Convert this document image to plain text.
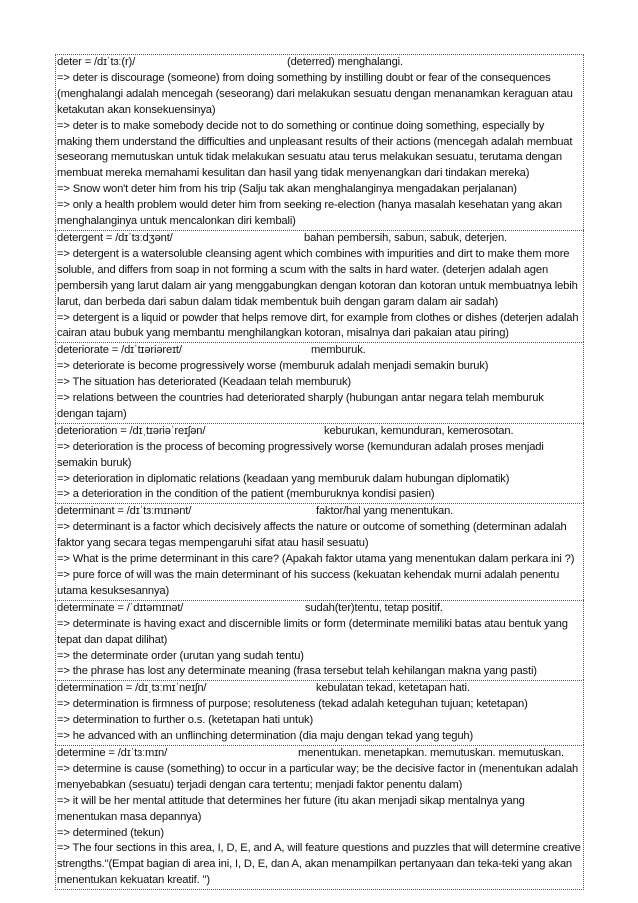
deter = /dɪˈtɜː(r)/	(deterred) menghalangi.
=> deter is discourage (someone) from doing something by instilling doubt or fear of the consequences (menghalangi adalah mencegah (seseorang) dari melakukan sesuatu dengan menanamkan keraguan atau ketakutan akan konsekuensinya)
=> deter is to make somebody decide not to do something or continue doing something, especially by making them understand the difficulties and unpleasant results of their actions (mencegah adalah membuat seseorang memutuskan untuk tidak melakukan sesuatu atau terus melakukan sesuatu, terutama dengan membuat mereka memahami kesulitan dan hasil yang tidak menyenangkan dari tindakan mereka)
=> Snow won't deter him from his trip (Salju tak akan menghalanginya mengadakan perjalanan)
=> only a health problem would deter him from seeking re-election (hanya masalah kesehatan yang akan menghalanginya untuk mencalonkan diri kembali)
detergent = /dɪˈtɜːdʒənt/	bahan pembersih, sabun, sabuk, deterjen.
=> detergent is a watersoluble cleansing agent which combines with impurities and dirt to make them more soluble, and differs from soap in not forming a scum with the salts in hard water. (deterjen adalah agen pembersih yang larut dalam air yang menggabungkan dengan kotoran dan kotoran untuk membuatnya lebih larut, dan berbeda dari sabun dalam tidak membentuk buih dengan garam dalam air sadah)
=> detergent is a liquid or powder that helps remove dirt, for example from clothes or dishes (deterjen adalah cairan atau bubuk yang membantu menghilangkan kotoran, misalnya dari pakaian atau piring)
deteriorate = /dɪˈtɪəriəreɪt/	memburuk.
=> deteriorate is become progressively worse (memburuk adalah menjadi semakin buruk)
=> The situation has deteriorated (Keadaan telah memburuk)
=> relations between the countries had deteriorated sharply (hubungan antar negara telah memburuk dengan tajam)
deterioration = /dɪˌtɪəriəˈreɪʃən/	keburukan, kemunduran, kemerosotan.
=> deterioration is the process of becoming progressively worse (kemunduran adalah proses menjadi semakin buruk)
=> deterioration in diplomatic relations (keadaan yang memburuk dalam hubungan diplomatik)
=> a deterioration in the condition of the patient (memburuknya kondisi pasien)
determinant = /dɪˈtɜːmɪnənt/	faktor/hal yang menentukan.
=> determinant is a factor which decisively affects the nature or outcome of something (determinan adalah faktor yang secara tegas mempengaruhi sifat atau hasil sesuatu)
=> What is the prime determinant in this care? (Apakah faktor utama yang menentukan dalam perkara ini ?)
=> pure force of will was the main determinant of his success (kekuatan kehendak murni adalah penentu utama kesuksesannya)
determinate = /ˈdɪtəmɪnət/	sudah(ter)tentu, tetap positif.
=> determinate is having exact and discernible limits or form (determinate memiliki batas atau bentuk yang tepat dan dapat dilihat)
=> the determinate order (urutan yang sudah tentu)
=> the phrase has lost any determinate meaning (frasa tersebut telah kehilangan makna yang pasti)
determination = /dɪˌtɜːmɪˈneɪʃn/	kebulatan tekad, ketetapan hati.
=> determination is firmness of purpose; resoluteness (tekad adalah keteguhan tujuan; ketetapan)
=> determination to further o.s. (ketetapan hati untuk)
=> he advanced with an unflinching determination (dia maju dengan tekad yang teguh)
determine = /dɪˈtɜːmɪn/	menentukan. menetapkan. memutuskan. memutuskan.
=> determine is cause (something) to occur in a particular way; be the decisive factor in (menentukan adalah menyebabkan (sesuatu) terjadi dengan cara tertentu; menjadi faktor penentu dalam)
=> it will be her mental attitude that determines her future (itu akan menjadi sikap mentalnya yang menentukan masa depannya)
=> determined (tekun)
=> The four sections in this area, I, D, E, and A, will feature questions and puzzles that will determine creative strengths."(Empat bagian di area ini, I, D, E, dan A, akan menampilkan pertanyaan dan teka-teki yang akan menentukan kekuatan kreatif. ")
